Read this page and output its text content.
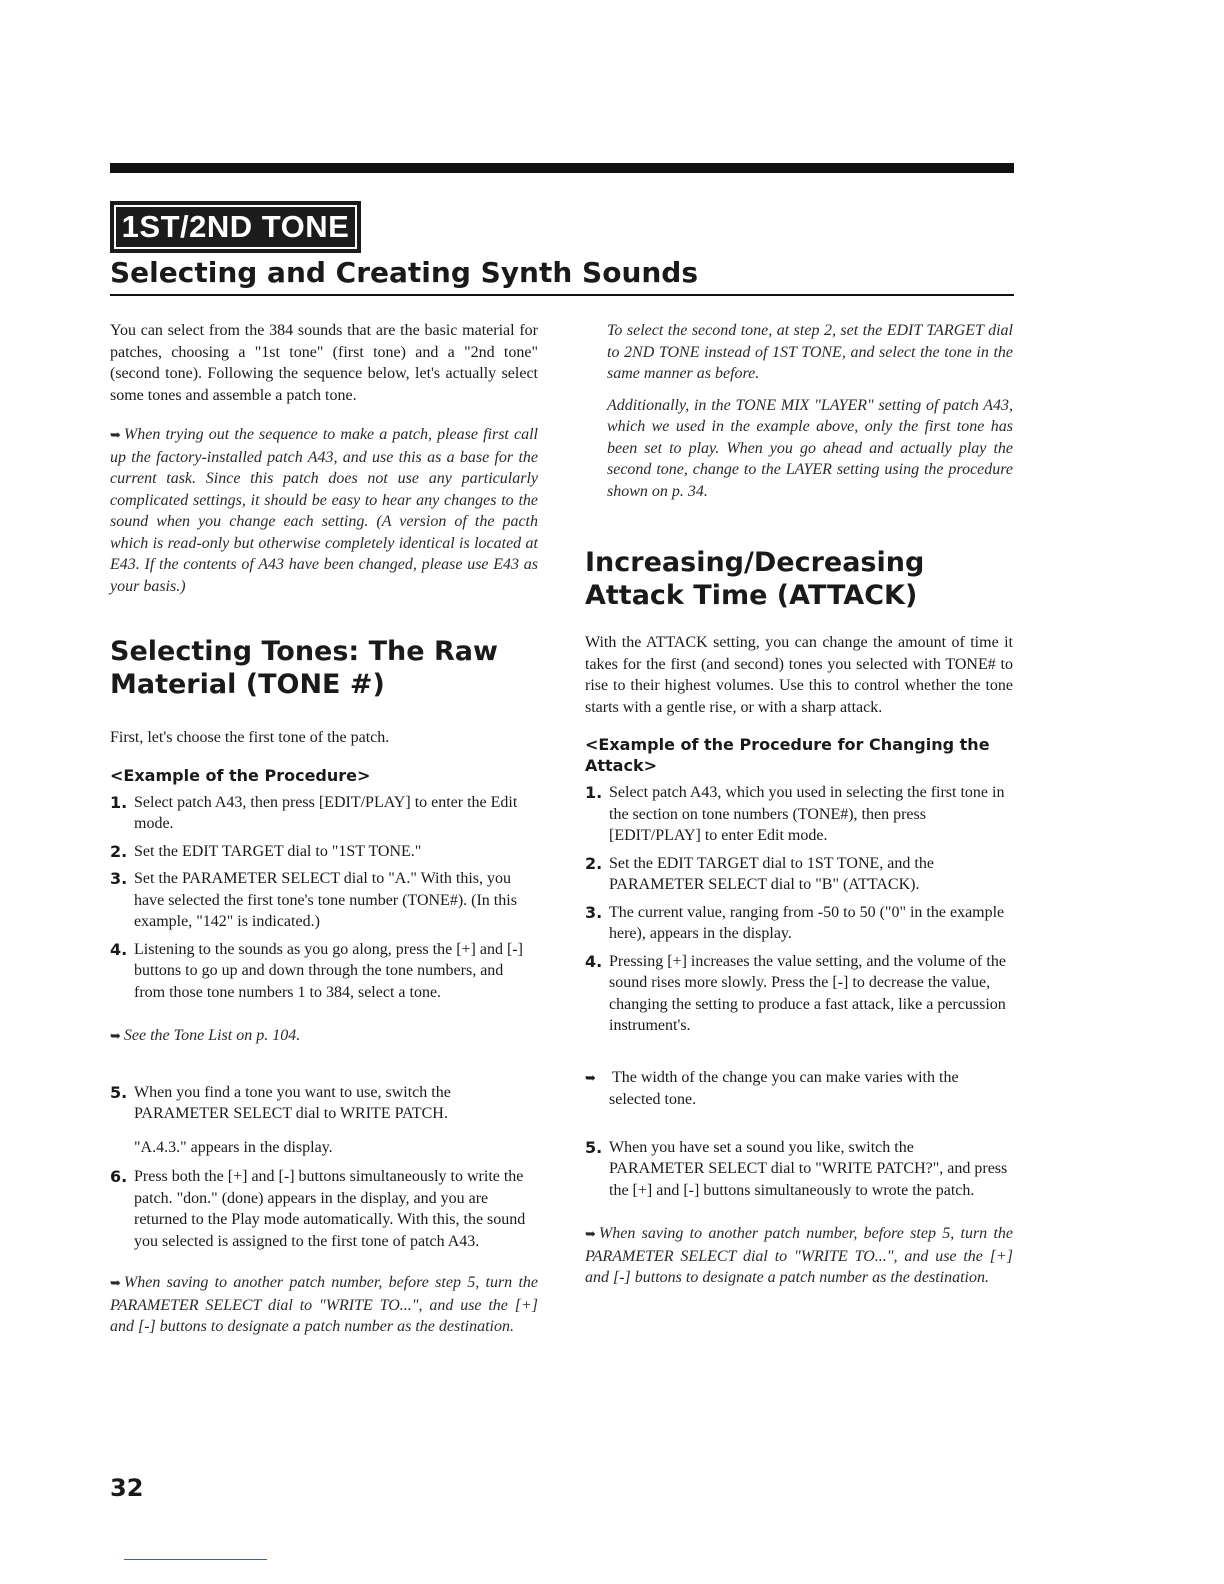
1ST/2ND TONE
Selecting and Creating Synth Sounds

You can select from the 384 sounds that are the basic material for patches, choosing a "1st tone" (first tone) and a "2nd tone" (second tone). Following the sequence below, let's actually select some tones and assemble a patch tone.

➥ When trying out the sequence to make a patch, please first call up the factory-installed patch A43, and use this as a base for the current task. Since this patch does not use any particularly complicated settings, it should be easy to hear any changes to the sound when you change each setting. (A version of the pacth which is read-only but otherwise completely identical is located at E43. If the contents of A43 have been changed, please use E43 as your basis.)

Selecting Tones: The Raw Material (TONE #)

First, let's choose the first tone of the patch.

<Example of the Procedure>
1. Select patch A43, then press [EDIT/PLAY] to enter the Edit mode.
2. Set the EDIT TARGET dial to "1ST TONE."
3. Set the PARAMETER SELECT dial to "A." With this, you have selected the first tone's tone number (TONE#). (In this example, "142" is indicated.)
4. Listening to the sounds as you go along, press the [+] and [-] buttons to go up and down through the tone numbers, and from those tone numbers 1 to 384, select a tone.

➥ See the Tone List on p. 104.

5. When you find a tone you want to use, switch the PARAMETER SELECT dial to WRITE PATCH.

"A.4.3." appears in the display.

6. Press both the [+] and [-] buttons simultaneously to write the patch. "don." (done) appears in the display, and you are returned to the Play mode automatically. With this, the sound you selected is assigned to the first tone of patch A43.

➥ When saving to another patch number, before step 5, turn the PARAMETER SELECT dial to "WRITE TO...", and use the [+] and [-] buttons to designate a patch number as the destination.

To select the second tone, at step 2, set the EDIT TARGET dial to 2ND TONE instead of 1ST TONE, and select the tone in the same manner as before.

Additionally, in the TONE MIX "LAYER" setting of patch A43, which we used in the example above, only the first tone has been set to play. When you go ahead and actually play the second tone, change to the LAYER setting using the procedure shown on p. 34.

Increasing/Decreasing Attack Time (ATTACK)

With the ATTACK setting, you can change the amount of time it takes for the first (and second) tones you selected with TONE# to rise to their highest volumes. Use this to control whether the tone starts with a gentle rise, or with a sharp attack.

<Example of the Procedure for Changing the Attack>
1. Select patch A43, which you used in selecting the first tone in the section on tone numbers (TONE#), then press [EDIT/PLAY] to enter Edit mode.
2. Set the EDIT TARGET dial to 1ST TONE, and the PARAMETER SELECT dial to "B" (ATTACK).
3. The current value, ranging from -50 to 50 ("0" in the example here), appears in the display.
4. Pressing [+] increases the value setting, and the volume of the sound rises more slowly. Press the [-] to decrease the value, changing the setting to produce a fast attack, like a percussion instrument's.

➥ The width of the change you can make varies with the selected tone.

5. When you have set a sound you like, switch the PARAMETER SELECT dial to "WRITE PATCH?", and press the [+] and [-] buttons simultaneously to wrote the patch.

➥ When saving to another patch number, before step 5, turn the PARAMETER SELECT dial to "WRITE TO...", and use the [+] and [-] buttons to designate a patch number as the destination.

32
